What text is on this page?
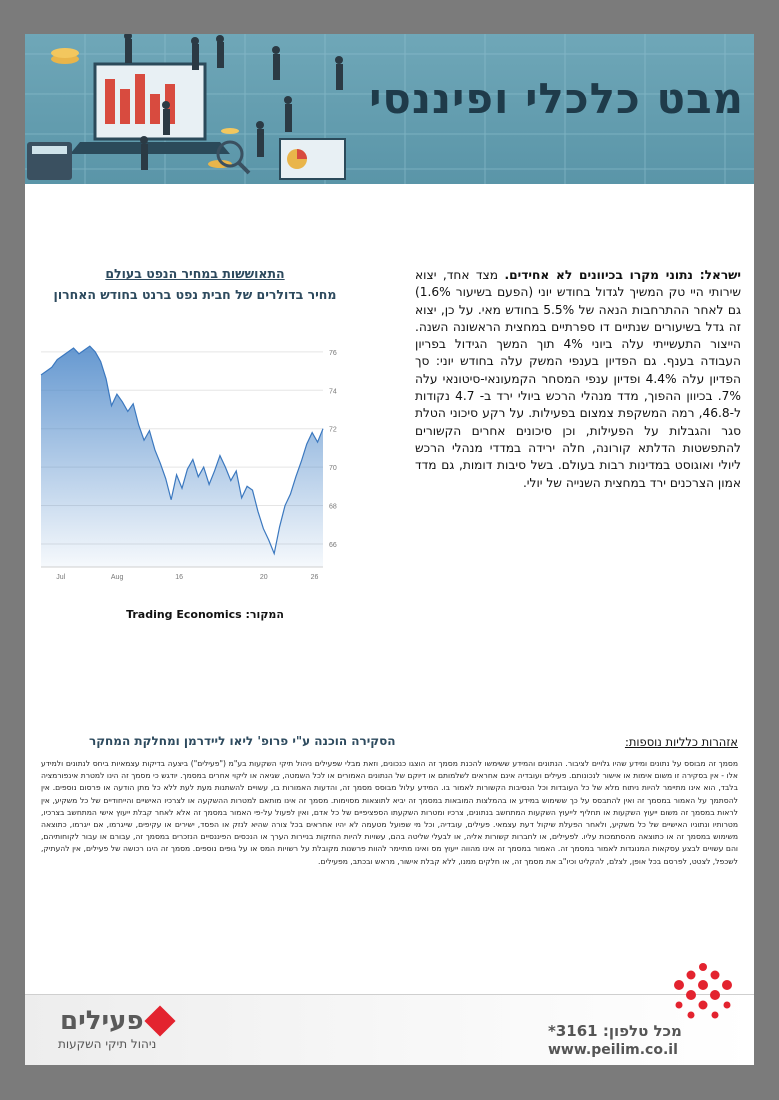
מבט כלכלי ופיננסי
ישראל: נתוני מקרו בכיוונים לא אחידים. מצד אחד, יצוא שירותי היי טק המשיך לגדול בחודש יוני (הפעם בשיעור 1.6%) גם לאחר ההתרחבות הנאה של 5.5% בחודש מאי. על כן, יצוא זה גדל בשיעורים שנתיים דו ספרתיים במחצית הראשונה השנה. הייצור התעשייתי עלה ביוני 4% תוך המשך הגידול בפריון העבודה בענף. גם הפדיון בענפי המשק עלה בחודש יוני: סך הפדיון עלה 4.4% ופדיון ענפי המסחר הקמעונאי-סיטונאי עלה 7%. בכיוון ההפוך, מדד מנהלי הרכש ביולי ירד ב- 4.7 נקודות ל-46.8, רמה המשקפת צמצום בפעילות. על רקע סיכוני הטלת סגר והגבלות על הפעילות, וכן סיכונים אחרים הקשורים להתפשטות הדלתא קורונה, חלה ירידה במדדי מנהלי הרכש ליולי ואוגוסט במדינות רבות בעולם. בשל סיבות דומות, גם מדד אמון הצרכנים ירד במחצית השנייה של יולי.
התאוששות במחיר הנפט בעולם
מחיר בדולרים של חבית נפט ברנט בחודש האחרון
66
68
70
72
74
76
Jul	Aug	16	20	26
המקור: Trading Economics
אזהרות כלליות נוספות:
הסקירה הוכנה ע"י פרופ' ליאו ליידרמן ומחלקת המחקר
מסמך זה מבוסס על נתונים ומידע שהיו גלויים לציבור. הנתונים והמידע ששימשו להכנת מסמך זה הוצגו כנכונים, וזאת מבלי שפעילים ניהול תיקי השקעות בע"מ ("פעילים") ביצעה בדיקות עצמאיות ביחס לנתונים ולמידע אלו - אין בסקירה זו משום אימות או אישור לנכונותם. פעילים ועובדיה אינם אחראים לשלמותם או דיוקם של הנתונים האמורים או לכל השמטה, שגיאה או ליקוי אחרים במסמך. יודגש כי מסמך זה הינו למטרת אינפורמציה בלבד, הוא אינו מתיימר להיות ניתוח מלא של כל העובדות וכל הנסיבות הקשורות לאמור בו. המידע עלול מבוסס מסמך זה, והדעות האמורות בו, עשויים להשתנות מעת לעת ללא כל מתן הודעה או פרסום נוספים. אין להסתמך על האמור במסמך זה ואין להתבסס על כך ששימוש במידע או בהמלצות המובאות במסמך זה יביא לתוצאות מסוימות. מסמך זה אינו מותאם למטרות ההשקעה או לצרכיו האישיים והייחודיים של כל משקיע, אין לראות במסמך זה משום ייעוץ השקעות או תחליף לייעוץ השקעות המתחשב בנתונים, צרכיו ומטרות השקעתו הספציפיים של כל אדם, ואין לפעול על-פי האמור במסמך זה אלא לאחר קבלת ייעוץ אישי המתחשב בצרכיו, מטרותיו ונתוניו האישיים של כל משקיע, ולאחר הפעלת שיקול דעת עצמאי. פעילים, עובדיה, וכל מי שפועל מטעמה לא יהיו אחראים בכל צורה שהיא לנזק או הפסד, ישירים או עקיפים, שייגרמו, אם ייגרמו, כתוצאה משימוש במסמך זה או כתוצאה מהסתמכות עליו. לפעילים, או לחברות קשורות אליה, או לבעלי שליטה בהם, עשויות להיות החזקות בניירות הערך או הנכסים הפיננסיים הנזכרים במסמך זה, עבורם או עבור לקוחותיהם, והם עשויים לבצע עסקאות המנוגדות לאמור במסמך זה. האמור במסמך זה אינו מהווה ייעוץ מס ואינו מתיימר להוות פרשנות מקובלת על רשויות המס או על גופים נוספים. מסמך זה הינו רכושה של פעילים, אין להעתיק, לשכפל, לצטט, לפרסם בכל אופן, לצלם, להקליט וכיו"ב את מסמך זה, או חלקים ממנו, ללא קבלת אישור, מראש ובכתב, מפעילים.
מכל טלפון: 3161*
www.peilim.co.il
פעילים
ניהול תיקי השקעות
